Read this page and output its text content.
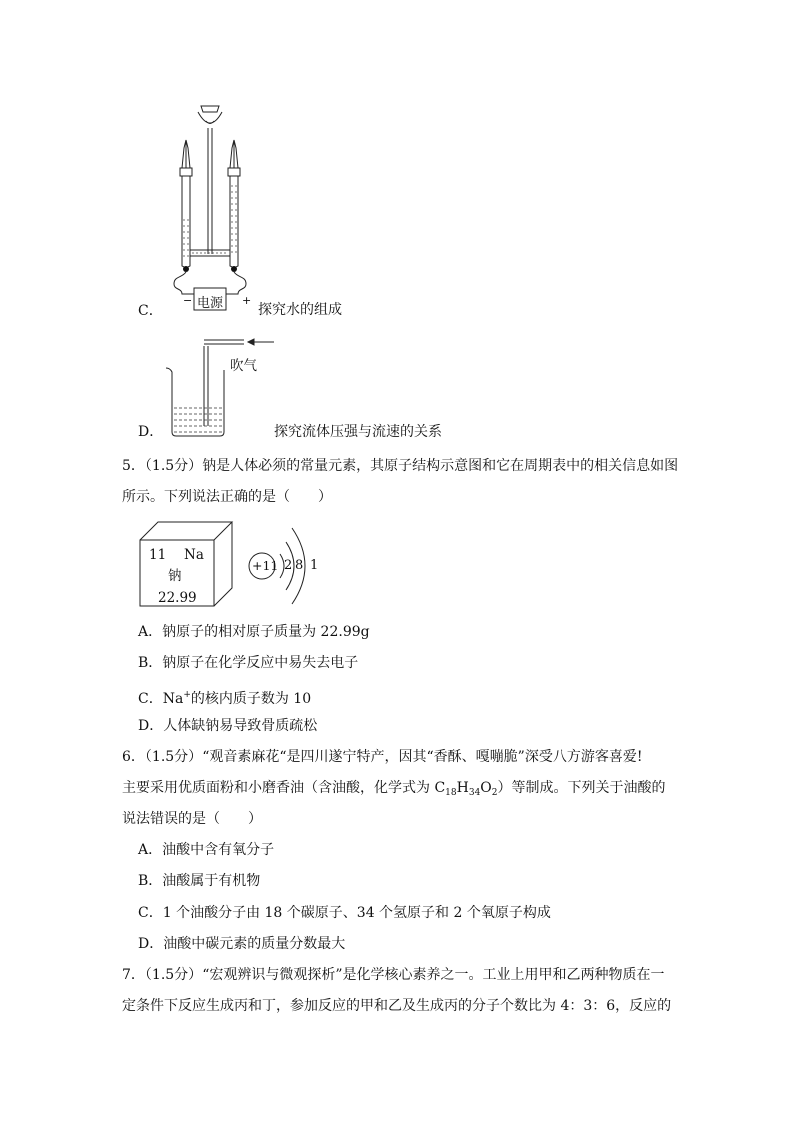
电源
−	+
C．	探究水的组成
吹气
D．	探究流体压强与流速的关系
5．（1.5分）钠是人体必须的常量元素，其原子结构示意图和它在周期表中的相关信息如图
所示。下列说法正确的是（　　）
11 Na
钠
22.99
+11 2 8 1
A．钠原子的相对原子质量为 22.99g
B．钠原子在化学反应中易失去电子
C．Na+的核内质子数为 10
D．人体缺钠易导致骨质疏松
6．（1.5分）“观音素麻花“是四川遂宁特产，因其“香酥、嘎嘣脆”深受八方游客喜爱!
主要采用优质面粉和小磨香油（含油酸，化学式为 $C_{18}H_{34}O_2$）等制成。下列关于油酸的
说法错误的是（　　）
A．油酸中含有氧分子
B．油酸属于有机物
C．1 个油酸分子由 18 个碳原子、34 个氢原子和 2 个氧原子构成
D．油酸中碳元素的质量分数最大
7．（1.5分）“宏观辨识与微观探析”是化学核心素养之一。工业上用甲和乙两种物质在一
定条件下反应生成丙和丁，参加反应的甲和乙及生成丙的分子个数比为 4：3：6，反应的
